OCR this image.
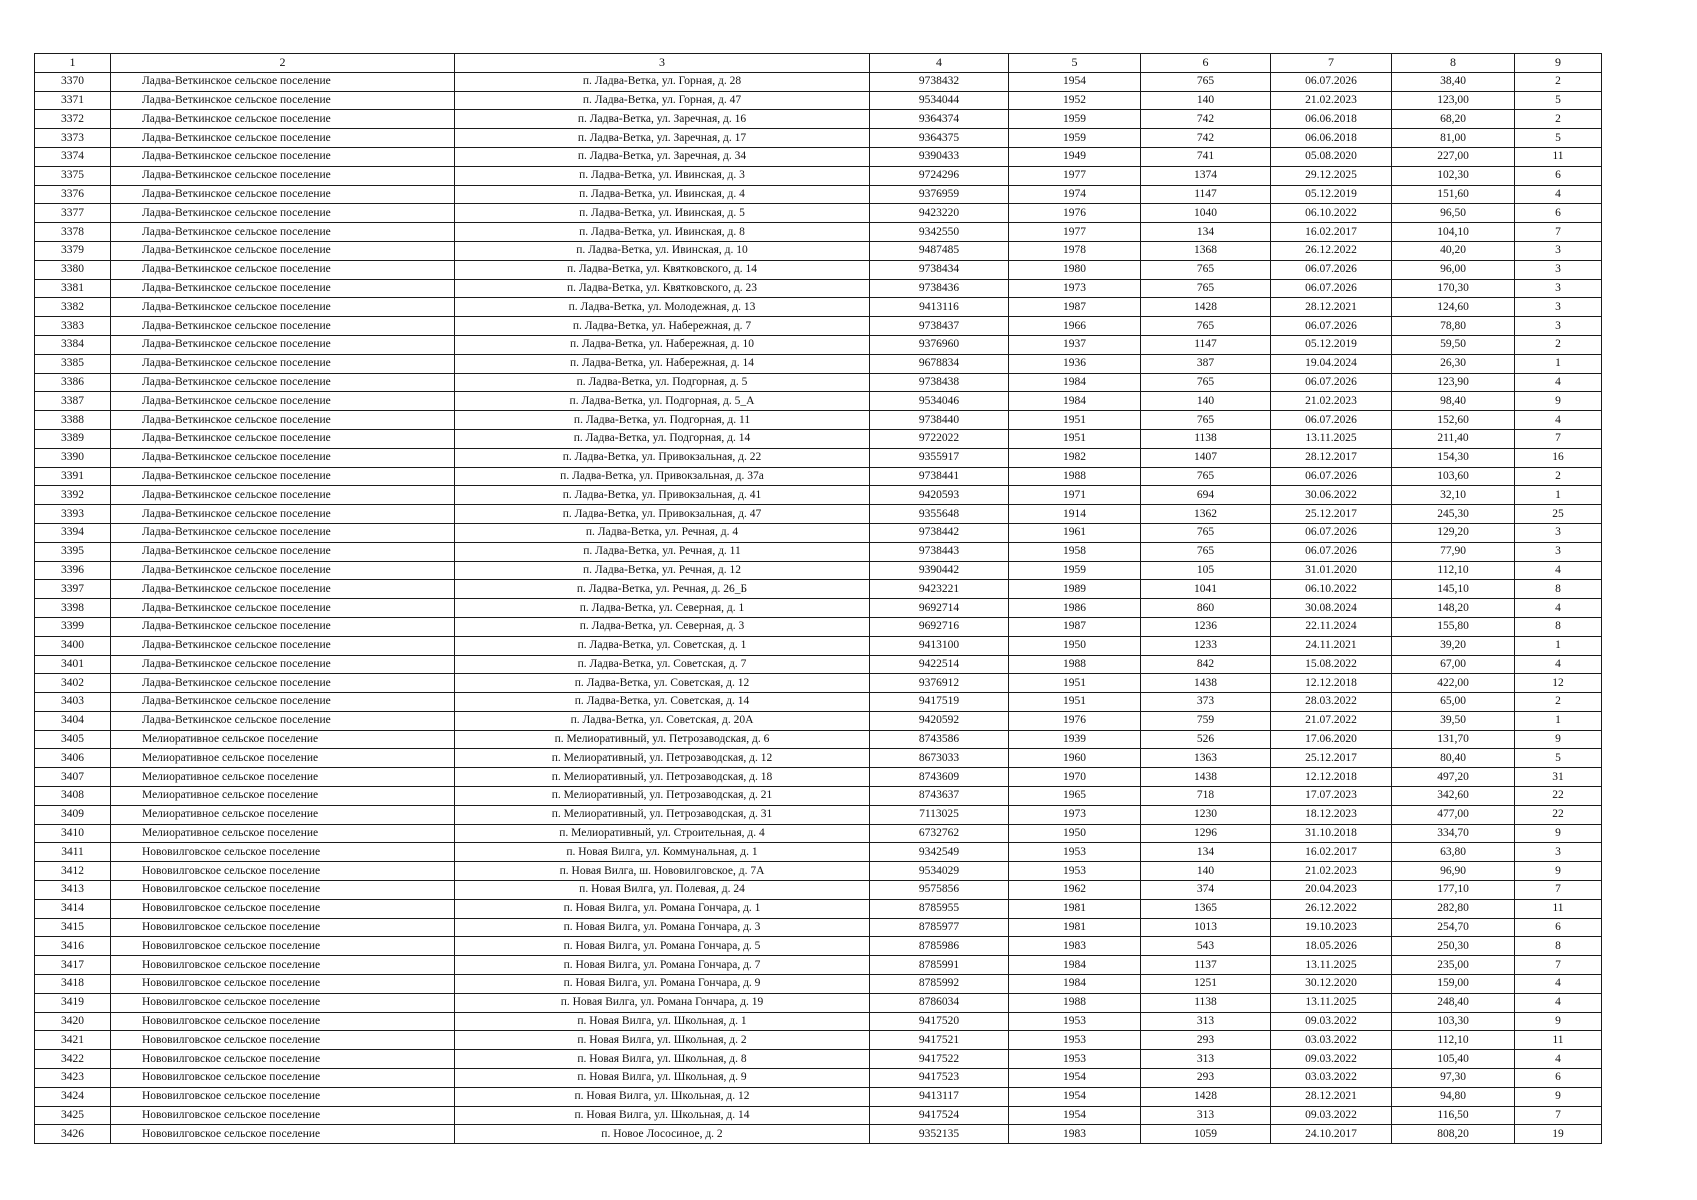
1	2	3	4	5	6	7	8	9
3370	Ладва-Веткинское сельское поселение	п. Ладва-Ветка, ул. Горная, д. 28	9738432	1954	765	06.07.2026	38,40	2
3371	Ладва-Веткинское сельское поселение	п. Ладва-Ветка, ул. Горная, д. 47	9534044	1952	140	21.02.2023	123,00	5
3372	Ладва-Веткинское сельское поселение	п. Ладва-Ветка, ул. Заречная, д. 16	9364374	1959	742	06.06.2018	68,20	2
3373	Ладва-Веткинское сельское поселение	п. Ладва-Ветка, ул. Заречная, д. 17	9364375	1959	742	06.06.2018	81,00	5
3374	Ладва-Веткинское сельское поселение	п. Ладва-Ветка, ул. Заречная, д. 34	9390433	1949	741	05.08.2020	227,00	11
3375	Ладва-Веткинское сельское поселение	п. Ладва-Ветка, ул. Ивинская, д. 3	9724296	1977	1374	29.12.2025	102,30	6
3376	Ладва-Веткинское сельское поселение	п. Ладва-Ветка, ул. Ивинская, д. 4	9376959	1974	1147	05.12.2019	151,60	4
3377	Ладва-Веткинское сельское поселение	п. Ладва-Ветка, ул. Ивинская, д. 5	9423220	1976	1040	06.10.2022	96,50	6
3378	Ладва-Веткинское сельское поселение	п. Ладва-Ветка, ул. Ивинская, д. 8	9342550	1977	134	16.02.2017	104,10	7
3379	Ладва-Веткинское сельское поселение	п. Ладва-Ветка, ул. Ивинская, д. 10	9487485	1978	1368	26.12.2022	40,20	3
3380	Ладва-Веткинское сельское поселение	п. Ладва-Ветка, ул. Квятковского, д. 14	9738434	1980	765	06.07.2026	96,00	3
3381	Ладва-Веткинское сельское поселение	п. Ладва-Ветка, ул. Квятковского, д. 23	9738436	1973	765	06.07.2026	170,30	3
3382	Ладва-Веткинское сельское поселение	п. Ладва-Ветка, ул. Молодежная, д. 13	9413116	1987	1428	28.12.2021	124,60	3
3383	Ладва-Веткинское сельское поселение	п. Ладва-Ветка, ул. Набережная, д. 7	9738437	1966	765	06.07.2026	78,80	3
3384	Ладва-Веткинское сельское поселение	п. Ладва-Ветка, ул. Набережная, д. 10	9376960	1937	1147	05.12.2019	59,50	2
3385	Ладва-Веткинское сельское поселение	п. Ладва-Ветка, ул. Набережная, д. 14	9678834	1936	387	19.04.2024	26,30	1
3386	Ладва-Веткинское сельское поселение	п. Ладва-Ветка, ул. Подгорная, д. 5	9738438	1984	765	06.07.2026	123,90	4
3387	Ладва-Веткинское сельское поселение	п. Ладва-Ветка, ул. Подгорная, д. 5_А	9534046	1984	140	21.02.2023	98,40	9
3388	Ладва-Веткинское сельское поселение	п. Ладва-Ветка, ул. Подгорная, д. 11	9738440	1951	765	06.07.2026	152,60	4
3389	Ладва-Веткинское сельское поселение	п. Ладва-Ветка, ул. Подгорная, д. 14	9722022	1951	1138	13.11.2025	211,40	7
3390	Ладва-Веткинское сельское поселение	п. Ладва-Ветка, ул. Привокзальная, д. 22	9355917	1982	1407	28.12.2017	154,30	16
3391	Ладва-Веткинское сельское поселение	п. Ладва-Ветка, ул. Привокзальная, д. 37а	9738441	1988	765	06.07.2026	103,60	2
3392	Ладва-Веткинское сельское поселение	п. Ладва-Ветка, ул. Привокзальная, д. 41	9420593	1971	694	30.06.2022	32,10	1
3393	Ладва-Веткинское сельское поселение	п. Ладва-Ветка, ул. Привокзальная, д. 47	9355648	1914	1362	25.12.2017	245,30	25
3394	Ладва-Веткинское сельское поселение	п. Ладва-Ветка, ул. Речная, д. 4	9738442	1961	765	06.07.2026	129,20	3
3395	Ладва-Веткинское сельское поселение	п. Ладва-Ветка, ул. Речная, д. 11	9738443	1958	765	06.07.2026	77,90	3
3396	Ладва-Веткинское сельское поселение	п. Ладва-Ветка, ул. Речная, д. 12	9390442	1959	105	31.01.2020	112,10	4
3397	Ладва-Веткинское сельское поселение	п. Ладва-Ветка, ул. Речная, д. 26_Б	9423221	1989	1041	06.10.2022	145,10	8
3398	Ладва-Веткинское сельское поселение	п. Ладва-Ветка, ул. Северная, д. 1	9692714	1986	860	30.08.2024	148,20	4
3399	Ладва-Веткинское сельское поселение	п. Ладва-Ветка, ул. Северная, д. 3	9692716	1987	1236	22.11.2024	155,80	8
3400	Ладва-Веткинское сельское поселение	п. Ладва-Ветка, ул. Советская, д. 1	9413100	1950	1233	24.11.2021	39,20	1
3401	Ладва-Веткинское сельское поселение	п. Ладва-Ветка, ул. Советская, д. 7	9422514	1988	842	15.08.2022	67,00	4
3402	Ладва-Веткинское сельское поселение	п. Ладва-Ветка, ул. Советская, д. 12	9376912	1951	1438	12.12.2018	422,00	12
3403	Ладва-Веткинское сельское поселение	п. Ладва-Ветка, ул. Советская, д. 14	9417519	1951	373	28.03.2022	65,00	2
3404	Ладва-Веткинское сельское поселение	п. Ладва-Ветка, ул. Советская, д. 20А	9420592	1976	759	21.07.2022	39,50	1
3405	Мелиоративное сельское поселение	п. Мелиоративный, ул. Петрозаводская, д. 6	8743586	1939	526	17.06.2020	131,70	9
3406	Мелиоративное сельское поселение	п. Мелиоративный, ул. Петрозаводская, д. 12	8673033	1960	1363	25.12.2017	80,40	5
3407	Мелиоративное сельское поселение	п. Мелиоративный, ул. Петрозаводская, д. 18	8743609	1970	1438	12.12.2018	497,20	31
3408	Мелиоративное сельское поселение	п. Мелиоративный, ул. Петрозаводская, д. 21	8743637	1965	718	17.07.2023	342,60	22
3409	Мелиоративное сельское поселение	п. Мелиоративный, ул. Петрозаводская, д. 31	7113025	1973	1230	18.12.2023	477,00	22
3410	Мелиоративное сельское поселение	п. Мелиоративный, ул. Строительная, д. 4	6732762	1950	1296	31.10.2018	334,70	9
3411	Нововилговское сельское поселение	п. Новая Вилга, ул. Коммунальная, д. 1	9342549	1953	134	16.02.2017	63,80	3
3412	Нововилговское сельское поселение	п. Новая Вилга, ш. Нововилговское, д. 7А	9534029	1953	140	21.02.2023	96,90	9
3413	Нововилговское сельское поселение	п. Новая Вилга, ул. Полевая, д. 24	9575856	1962	374	20.04.2023	177,10	7
3414	Нововилговское сельское поселение	п. Новая Вилга, ул. Романа Гончара, д. 1	8785955	1981	1365	26.12.2022	282,80	11
3415	Нововилговское сельское поселение	п. Новая Вилга, ул. Романа Гончара, д. 3	8785977	1981	1013	19.10.2023	254,70	6
3416	Нововилговское сельское поселение	п. Новая Вилга, ул. Романа Гончара, д. 5	8785986	1983	543	18.05.2026	250,30	8
3417	Нововилговское сельское поселение	п. Новая Вилга, ул. Романа Гончара, д. 7	8785991	1984	1137	13.11.2025	235,00	7
3418	Нововилговское сельское поселение	п. Новая Вилга, ул. Романа Гончара, д. 9	8785992	1984	1251	30.12.2020	159,00	4
3419	Нововилговское сельское поселение	п. Новая Вилга, ул. Романа Гончара, д. 19	8786034	1988	1138	13.11.2025	248,40	4
3420	Нововилговское сельское поселение	п. Новая Вилга, ул. Школьная, д. 1	9417520	1953	313	09.03.2022	103,30	9
3421	Нововилговское сельское поселение	п. Новая Вилга, ул. Школьная, д. 2	9417521	1953	293	03.03.2022	112,10	11
3422	Нововилговское сельское поселение	п. Новая Вилга, ул. Школьная, д. 8	9417522	1953	313	09.03.2022	105,40	4
3423	Нововилговское сельское поселение	п. Новая Вилга, ул. Школьная, д. 9	9417523	1954	293	03.03.2022	97,30	6
3424	Нововилговское сельское поселение	п. Новая Вилга, ул. Школьная, д. 12	9413117	1954	1428	28.12.2021	94,80	9
3425	Нововилговское сельское поселение	п. Новая Вилга, ул. Школьная, д. 14	9417524	1954	313	09.03.2022	116,50	7
3426	Нововилговское сельское поселение	п. Новое Лососиное, д. 2	9352135	1983	1059	24.10.2017	808,20	19
